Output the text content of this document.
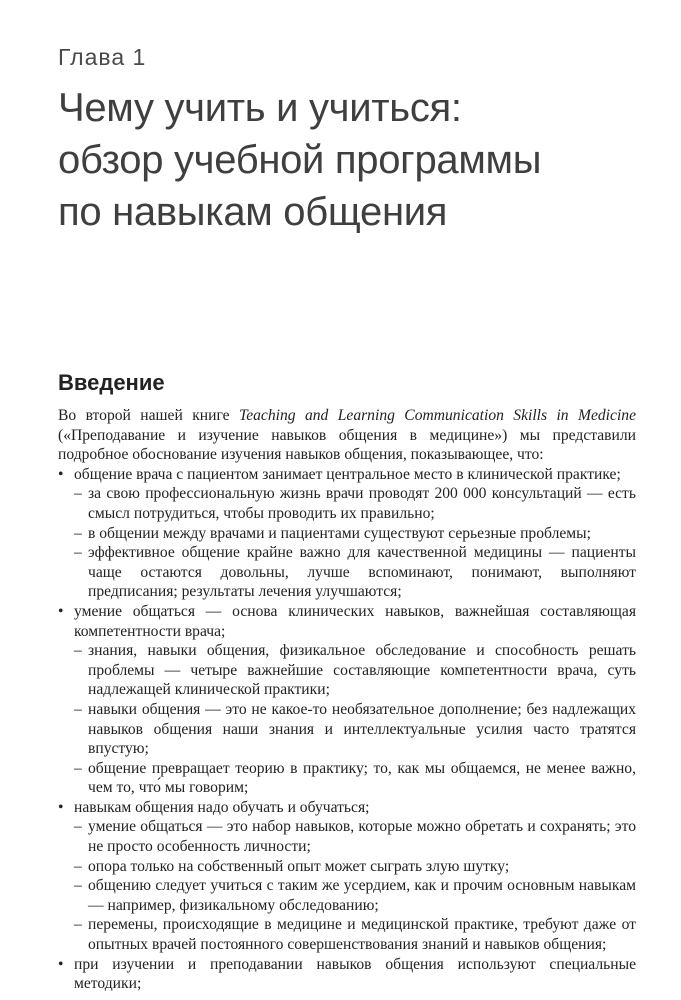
Глава 1
Чему учить и учиться:
обзор учебной программы
по навыкам общения
Введение

Во второй нашей книге Teaching and Learning Communication Skills in Medicine («Преподавание и изучение навыков общения в медицине») мы представили подробное обоснование изучения навыков общения, показывающее, что:

• общение врача с пациентом занимает центральное место в клинической практике;
– за свою профессиональную жизнь врачи проводят 200 000 консультаций — есть смысл потрудиться, чтобы проводить их правильно;
– в общении между врачами и пациентами существуют серьезные проблемы;
– эффективное общение крайне важно для качественной медицины — пациенты чаще остаются довольны, лучше вспоминают, понимают, выполняют предписания; результаты лечения улучшаются;
• умение общаться — основа клинических навыков, важнейшая составляющая компетентности врача;
– знания, навыки общения, физикальное обследование и способность решать проблемы — четыре важнейшие составляющие компетентности врача, суть надлежащей клинической практики;
– навыки общения — это не какое-то необязательное дополнение; без надлежащих навыков общения наши знания и интеллектуальные усилия часто тратятся впустую;
– общение превращает теорию в практику; то, как мы общаемся, не менее важно, чем то, что́ мы говорим;
• навыкам общения надо обучать и обучаться;
– умение общаться — это набор навыков, которые можно обретать и сохранять; это не просто особенность личности;
– опора только на собственный опыт может сыграть злую шутку;
– общению следует учиться с таким же усердием, как и прочим основным навыкам — например, физикальному обследованию;
– перемены, происходящие в медицине и медицинской практике, требуют даже от опытных врачей постоянного совершенствования знаний и навыков общения;
• при изучении и преподавании навыков общения используют специальные методики;
